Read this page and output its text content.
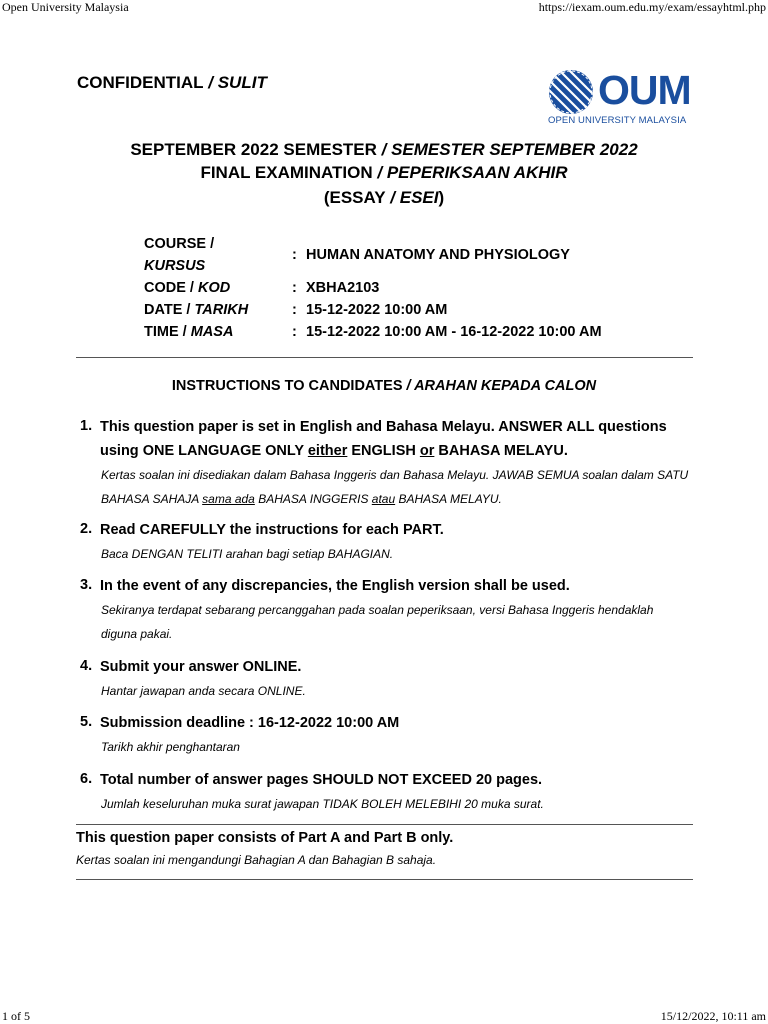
Open University Malaysia	https://iexam.oum.edu.my/exam/essayhtml.php
CONFIDENTIAL / SULIT	OUM
OPEN UNIVERSITY MALAYSIA
SEPTEMBER 2022 SEMESTER / SEMESTER SEPTEMBER 2022
FINAL EXAMINATION / PEPERIKSAAN AKHIR
(ESSAY / ESEI)
COURSE /
KURSUS
: HUMAN ANATOMY AND PHYSIOLOGY
CODE / KOD	: XBHA2103
DATE / TARIKH	: 15-12-2022 10:00 AM
TIME / MASA	: 15-12-2022 10:00 AM - 16-12-2022 10:00 AM
INSTRUCTIONS TO CANDIDATES / ARAHAN KEPADA CALON
1. This question paper is set in English and Bahasa Melayu. ANSWER ALL questions using ONE LANGUAGE ONLY either ENGLISH or BAHASA MELAYU.
Kertas soalan ini disediakan dalam Bahasa Inggeris dan Bahasa Melayu. JAWAB SEMUA soalan dalam SATU BAHASA SAHAJA sama ada BAHASA INGGERIS atau BAHASA MELAYU.
2. Read CAREFULLY the instructions for each PART.
Baca DENGAN TELITI arahan bagi setiap BAHAGIAN.
3. In the event of any discrepancies, the English version shall be used.
Sekiranya terdapat sebarang percanggahan pada soalan peperiksaan, versi Bahasa Inggeris hendaklah diguna pakai.
4. Submit your answer ONLINE.
Hantar jawapan anda secara ONLINE.
5. Submission deadline : 16-12-2022 10:00 AM
Tarikh akhir penghantaran
6. Total number of answer pages SHOULD NOT EXCEED 20 pages.
Jumlah keseluruhan muka surat jawapan TIDAK BOLEH MELEBIHI 20 muka surat.
This question paper consists of Part A and Part B only.
Kertas soalan ini mengandungi Bahagian A dan Bahagian B sahaja.
1 of 5	15/12/2022, 10:11 am
